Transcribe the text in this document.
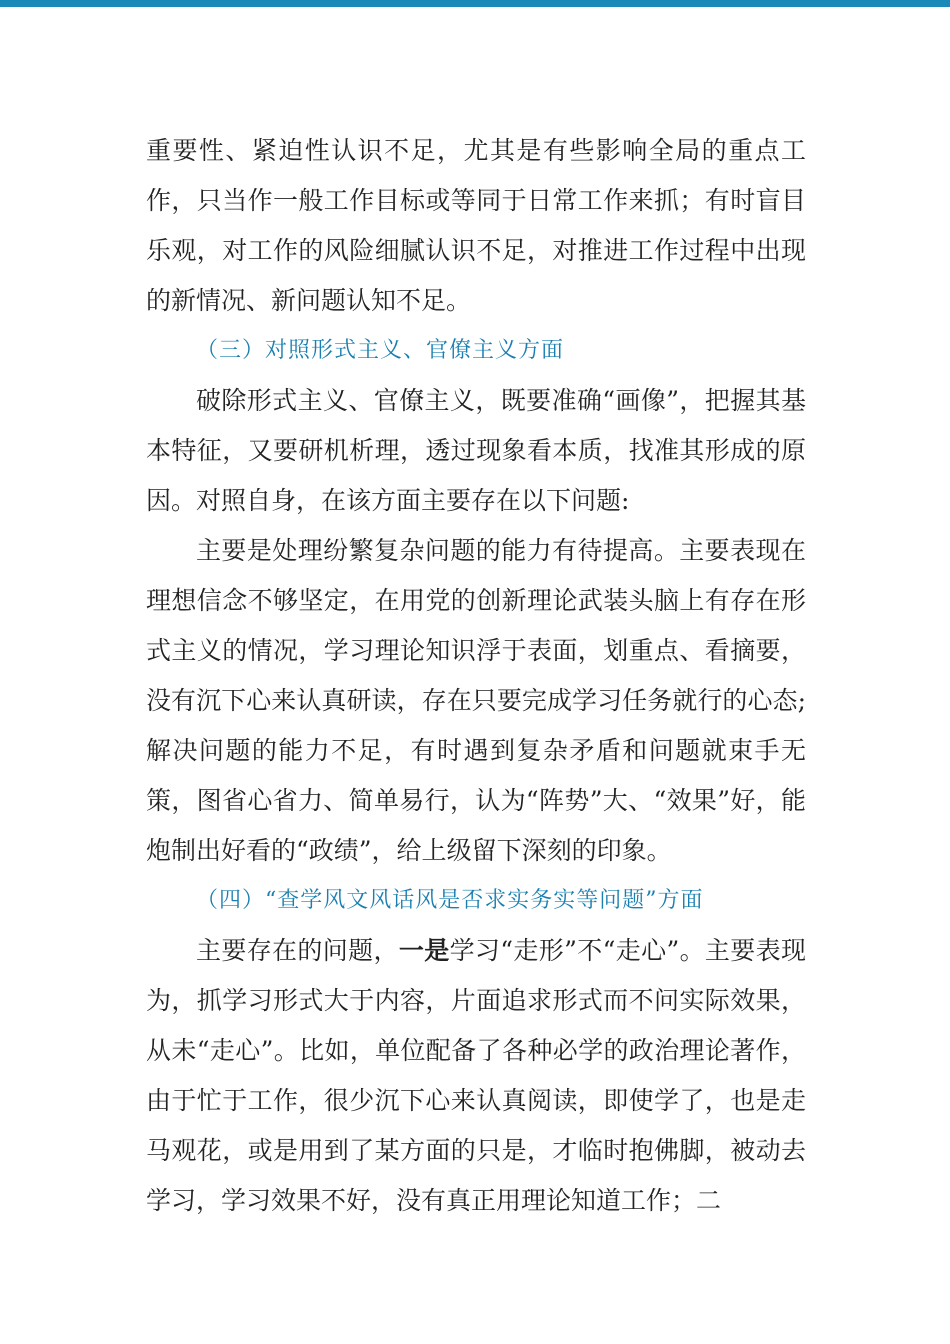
重要性、紧迫性认识不足，尤其是有些影响全局的重点工作，只当作一般工作目标或等同于日常工作来抓；有时盲目乐观，对工作的风险细腻认识不足，对推进工作过程中出现的新情况、新问题认知不足。

（三）对照形式主义、官僚主义方面

破除形式主义、官僚主义，既要准确“画像”，把握其基本特征，又要研机析理，透过现象看本质，找准其形成的原因。对照自身，在该方面主要存在以下问题:

主要是处理纷繁复杂问题的能力有待提高。主要表现在理想信念不够坚定，在用党的创新理论武装头脑上有存在形式主义的情况，学习理论知识浮于表面，划重点、看摘要，没有沉下心来认真研读，存在只要完成学习任务就行的心态;解决问题的能力不足，有时遇到复杂矛盾和问题就束手无策，图省心省力、简单易行，认为“阵势”大、“效果”好，能炮制出好看的“政绩”，给上级留下深刻的印象。

（四）“查学风文风话风是否求实务实等问题”方面

主要存在的问题，一是学习“走形”不“走心”。主要表现为，抓学习形式大于内容，片面追求形式而不问实际效果，从未“走心”。比如，单位配备了各种必学的政治理论著作，由于忙于工作，很少沉下心来认真阅读，即使学了，也是走马观花，或是用到了某方面的只是，才临时抱佛脚，被动去学习，学习效果不好，没有真正用理论知道工作；二
